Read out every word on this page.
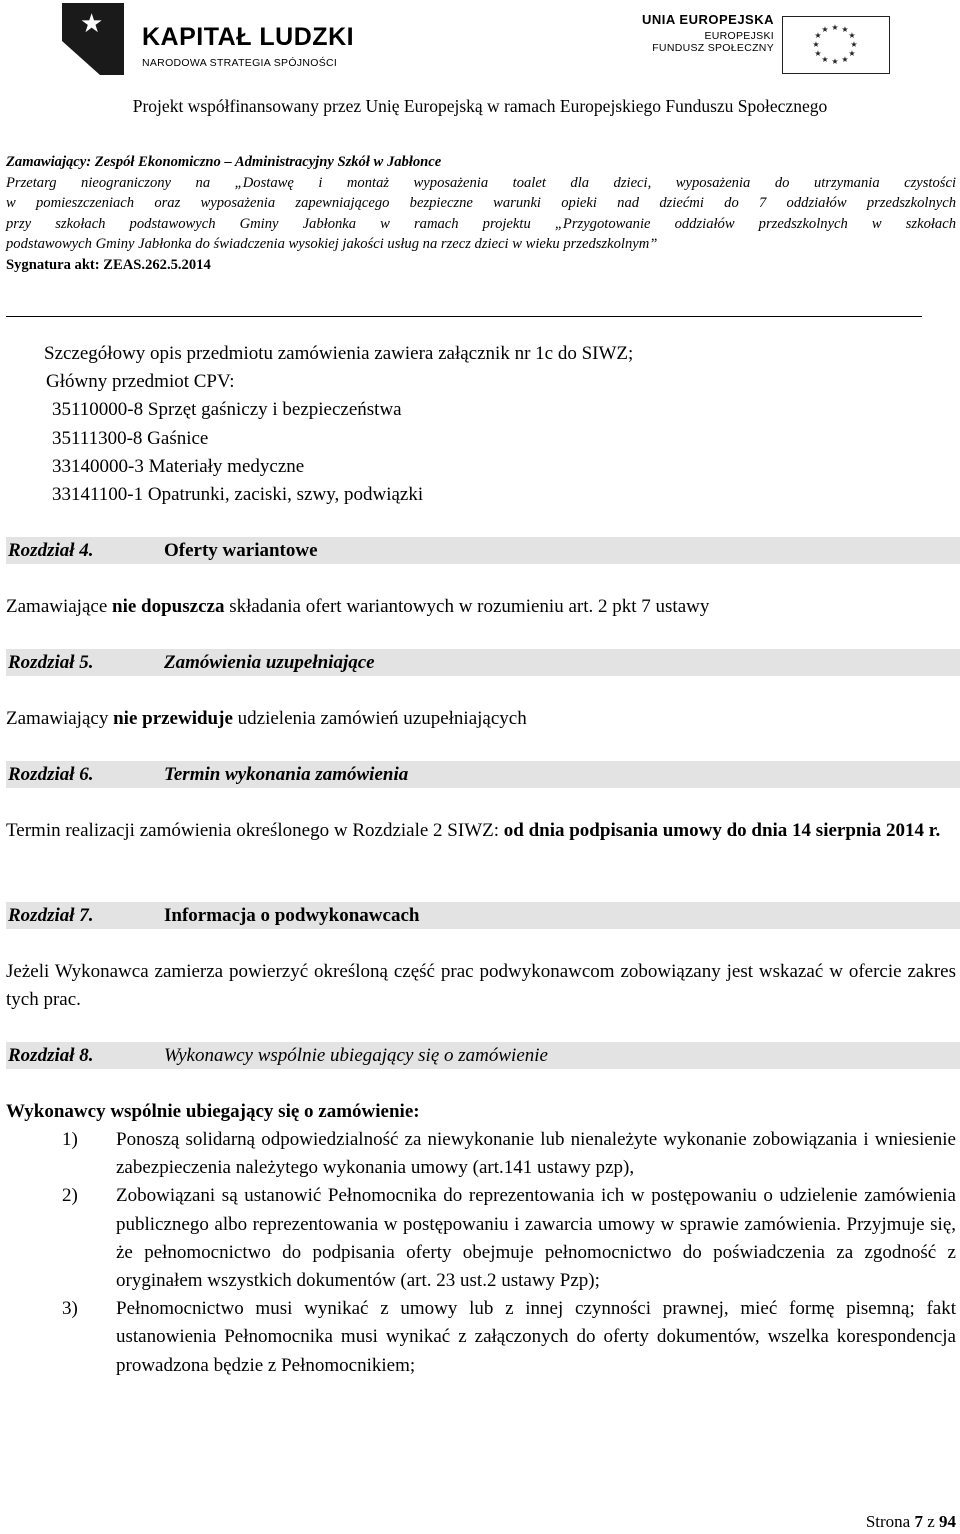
★ KAPITAŁ LUDZKI
NARODOWA STRATEGIA SPÓJNOŚCI
UNIA EUROPEJSKA
EUROPEJSKI
FUNDUSZ SPOŁECZNY
★ ★
★
★
★
★
★
★
★
★
★
★
Projekt współfinansowany przez Unię Europejską w ramach Europejskiego Funduszu Społecznego
Zamawiający: Zespół Ekonomiczno – Administracyjny Szkół w Jabłonce
Przetarg nieograniczony na „Dostawę i montaż wyposażenia toalet dla dzieci, wyposażenia do utrzymania czystości
w pomieszczeniach oraz wyposażenia zapewniającego bezpieczne warunki opieki nad dziećmi do 7 oddziałów przedszkolnych
przy szkołach podstawowych Gminy Jabłonka w ramach projektu „Przygotowanie oddziałów przedszkolnych w szkołach
podstawowych Gminy Jabłonka do świadczenia wysokiej jakości usług na rzecz dzieci w wieku przedszkolnym”
Sygnatura akt: ZEAS.262.5.2014
Szczegółowy opis przedmiotu zamówienia zawiera załącznik nr 1c do SIWZ;
Główny przedmiot CPV:
35110000-8 Sprzęt gaśniczy i bezpieczeństwa
35111300-8 Gaśnice
33140000-3 Materiały medyczne
33141100-1 Opatrunki, zaciski, szwy, podwiązki
Rozdział 4.	Oferty wariantowe
Zamawiające nie dopuszcza składania ofert wariantowych w rozumieniu art. 2 pkt 7 ustawy
Rozdział 5.	Zamówienia uzupełniające
Zamawiający nie przewiduje udzielenia zamówień uzupełniających
Rozdział 6.	Termin wykonania zamówienia
Termin realizacji zamówienia określonego w Rozdziale 2 SIWZ: od dnia podpisania umowy do dnia 14 sierpnia 2014 r.
Rozdział 7.	Informacja o podwykonawcach
Jeżeli Wykonawca zamierza powierzyć określoną część prac podwykonawcom zobowiązany jest wskazać w ofercie zakres tych prac.
Rozdział 8.	Wykonawcy wspólnie ubiegający się o zamówienie
Wykonawcy wspólnie ubiegający się o zamówienie:
1) Ponoszą solidarną odpowiedzialność za niewykonanie lub nienależyte wykonanie zobowiązania i wniesienie zabezpieczenia należytego wykonania umowy (art.141 ustawy pzp),
2) Zobowiązani są ustanowić Pełnomocnika do reprezentowania ich w postępowaniu o udzielenie zamówienia publicznego albo reprezentowania w postępowaniu i zawarcia umowy w sprawie zamówienia. Przyjmuje się, że pełnomocnictwo do podpisania oferty obejmuje pełnomocnictwo do poświadczenia za zgodność z oryginałem wszystkich dokumentów (art. 23 ust.2 ustawy Pzp);
3) Pełnomocnictwo musi wynikać z umowy lub z innej czynności prawnej, mieć formę pisemną; fakt ustanowienia Pełnomocnika musi wynikać z załączonych do oferty dokumentów, wszelka korespondencja prowadzona będzie z Pełnomocnikiem;
Strona 7 z 94
